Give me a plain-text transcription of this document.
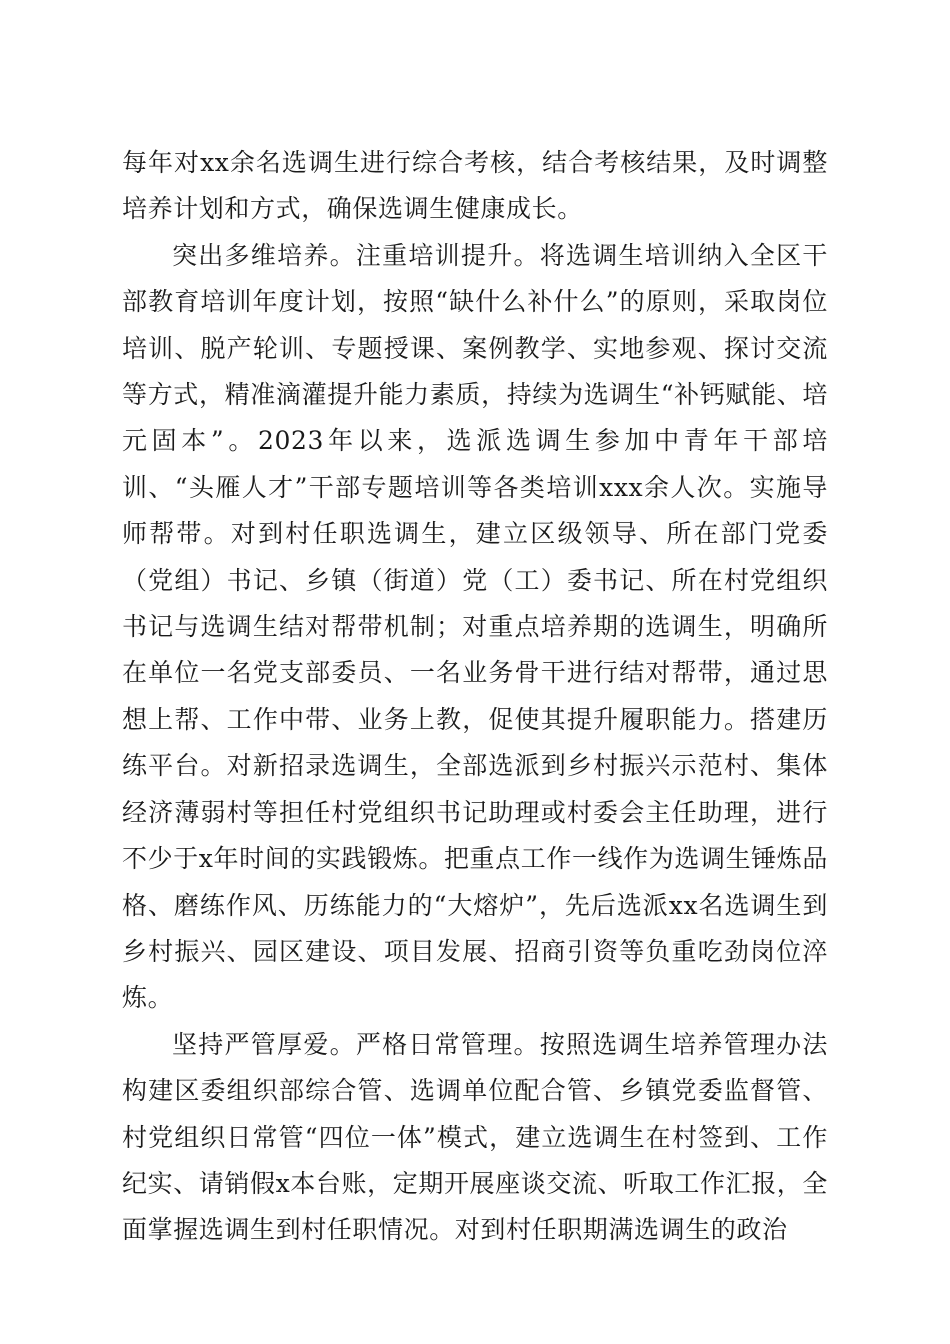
每年对xx余名选调生进行综合考核，结合考核结果，及时调整培养计划和方式，确保选调生健康成长。

突出多维培养。注重培训提升。将选调生培训纳入全区干部教育培训年度计划，按照“缺什么补什么”的原则，采取岗位培训、脱产轮训、专题授课、案例教学、实地参观、探讨交流等方式，精准滴灌提升能力素质，持续为选调生“补钙赋能、培元固本”。2023年以来，选派选调生参加中青年干部培训、“头雁人才”干部专题培训等各类培训xxx余人次。实施导师帮带。对到村任职选调生，建立区级领导、所在部门党委（党组）书记、乡镇（街道）党（工）委书记、所在村党组织书记与选调生结对帮带机制；对重点培养期的选调生，明确所在单位一名党支部委员、一名业务骨干进行结对帮带，通过思想上帮、工作中带、业务上教，促使其提升履职能力。搭建历练平台。对新招录选调生，全部选派到乡村振兴示范村、集体经济薄弱村等担任村党组织书记助理或村委会主任助理，进行不少于x年时间的实践锻炼。把重点工作一线作为选调生锤炼品格、磨练作风、历练能力的“大熔炉”，先后选派xx名选调生到乡村振兴、园区建设、项目发展、招商引资等负重吃劲岗位淬炼。

坚持严管厚爱。严格日常管理。按照选调生培养管理办法构建区委组织部综合管、选调单位配合管、乡镇党委监督管、村党组织日常管“四位一体”模式，建立选调生在村签到、工作纪实、请销假x本台账，定期开展座谈交流、听取工作汇报，全面掌握选调生到村任职情况。对到村任职期满选调生的政治
